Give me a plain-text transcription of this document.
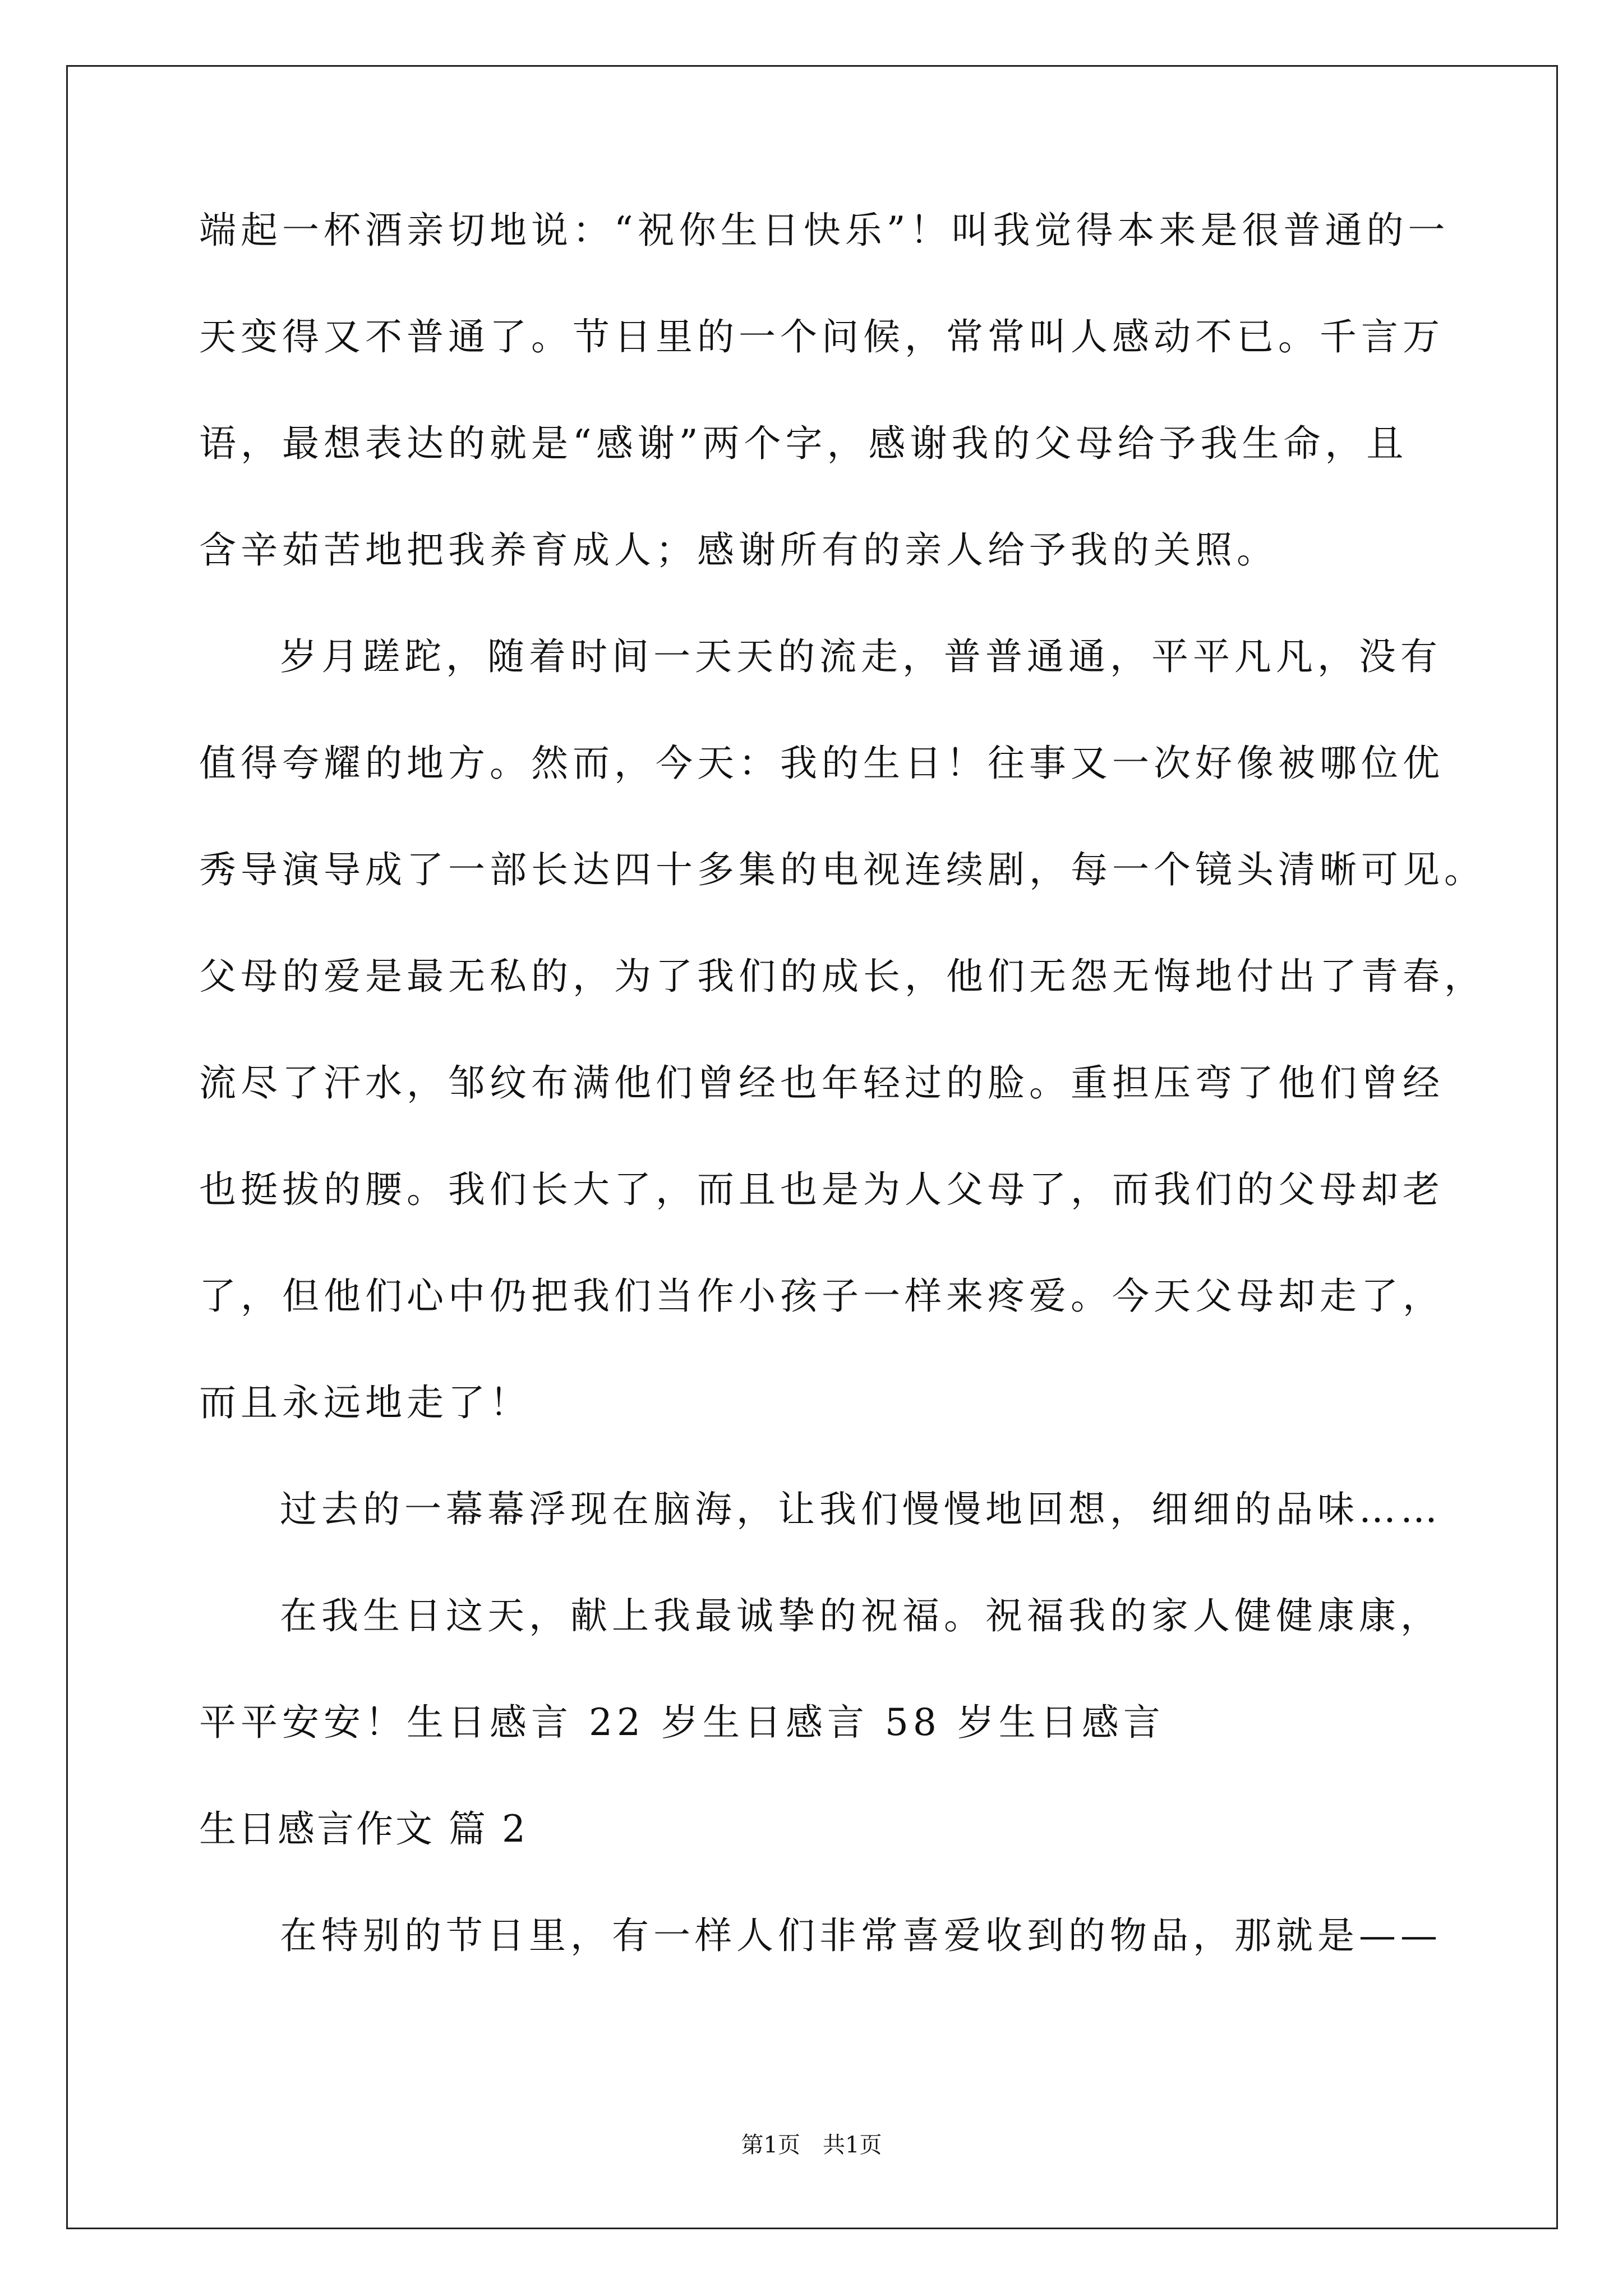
端起一杯酒亲切地说：“祝你生日快乐”！叫我觉得本来是很普通的一
天变得又不普通了。节日里的一个问候，常常叫人感动不已。千言万
语，最想表达的就是“感谢”两个字，感谢我的父母给予我生命，且
含辛茹苦地把我养育成人；感谢所有的亲人给予我的关照。
岁月蹉跎，随着时间一天天的流走，普普通通，平平凡凡，没有
值得夸耀的地方。然而，今天：我的生日！往事又一次好像被哪位优
秀导演导成了一部长达四十多集的电视连续剧，每一个镜头清晰可见。
父母的爱是最无私的，为了我们的成长，他们无怨无悔地付出了青春，
流尽了汗水，邹纹布满他们曾经也年轻过的脸。重担压弯了他们曾经
也挺拔的腰。我们长大了，而且也是为人父母了，而我们的父母却老
了，但他们心中仍把我们当作小孩子一样来疼爱。今天父母却走了，
而且永远地走了！
过去的一幕幕浮现在脑海，让我们慢慢地回想，细细的品味……
在我生日这天，献上我最诚挚的祝福。祝福我的家人健健康康，
平平安安！生日感言 22 岁生日感言 58 岁生日感言
生日感言作文 篇 2
在特别的节日里，有一样人们非常喜爱收到的物品，那就是——
第1页　共1页
